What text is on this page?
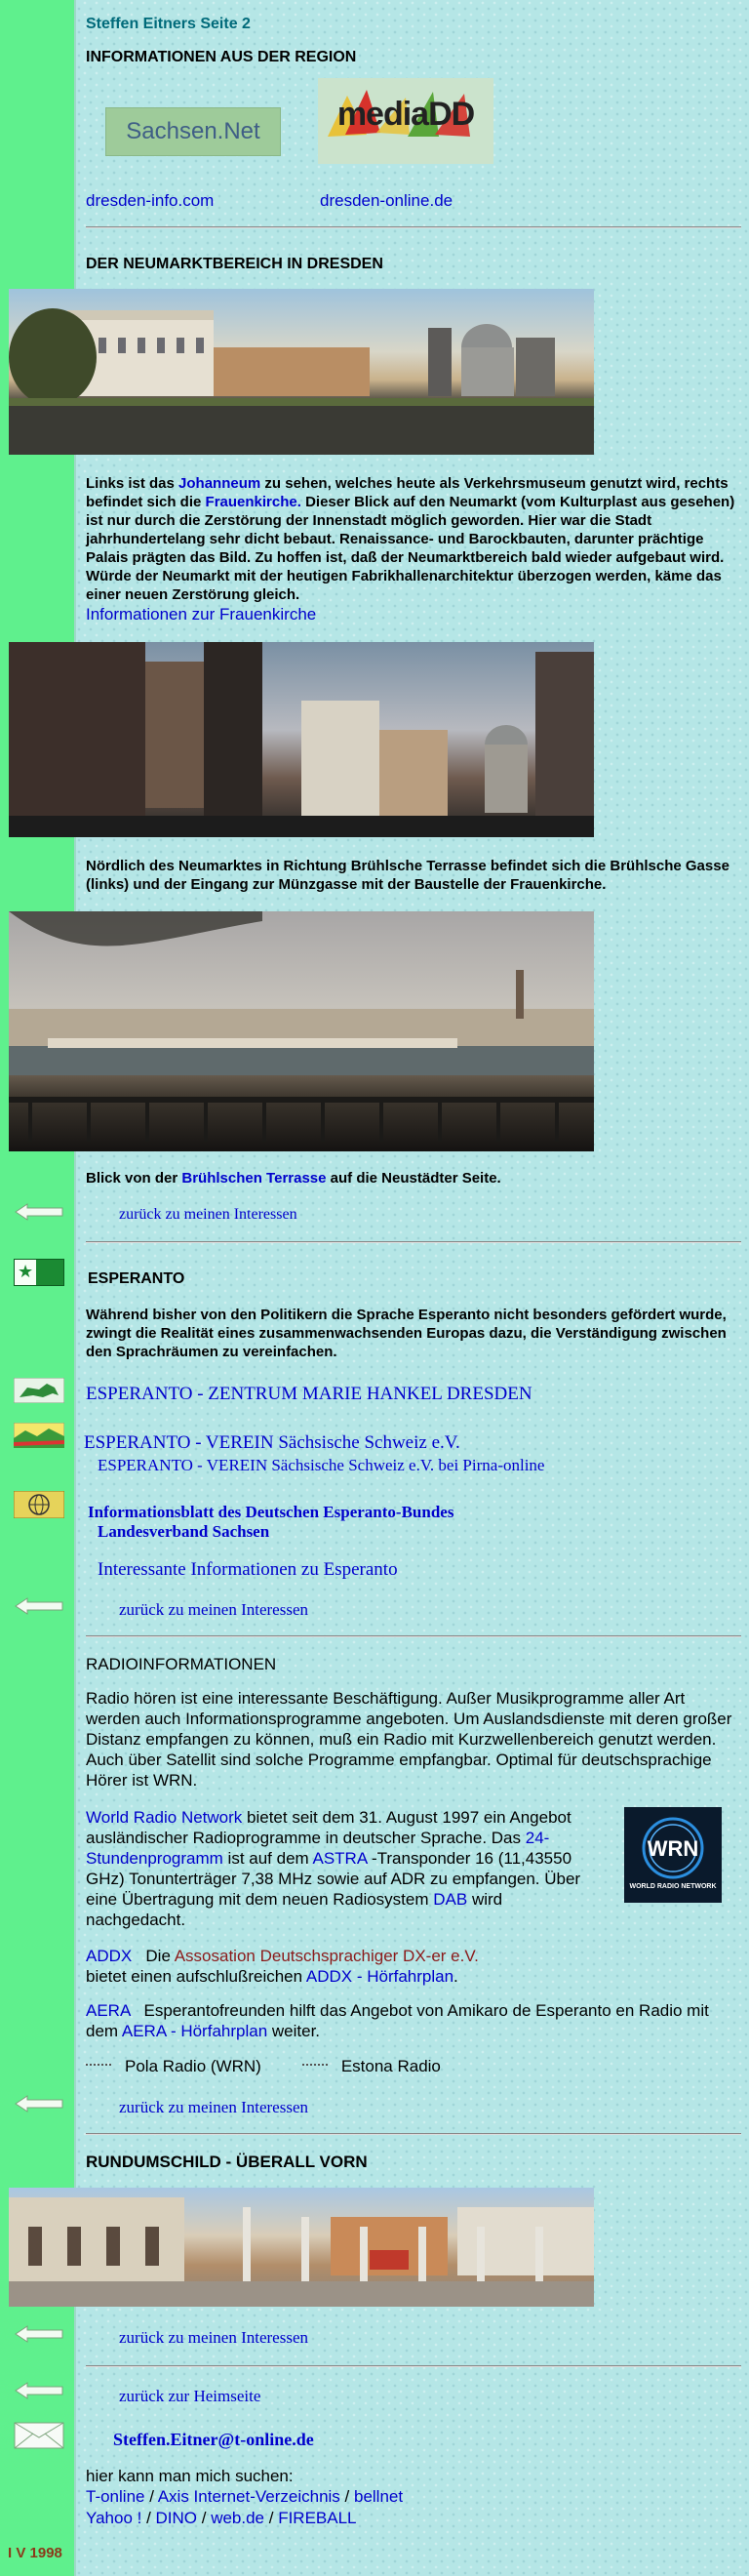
Steffen Eitners Seite 2
INFORMATIONEN AUS DER REGION
Sachsen.Net	mediaDD
dresden-info.com	dresden-online.de
DER NEUMARKTBEREICH IN DRESDEN
Links ist das Johanneum zu sehen, welches heute als Verkehrsmuseum genutzt wird, rechts befindet sich die Frauenkirche. Dieser Blick auf den Neumarkt (vom Kulturplast aus gesehen) ist nur durch die Zerstörung der Innenstadt möglich geworden. Hier war die Stadt jahrhundertelang sehr dicht bebaut. Renaissance- und Barockbauten, darunter prächtige Palais prägten das Bild. Zu hoffen ist, daß der Neumarktbereich bald wieder aufgebaut wird. Würde der Neumarkt mit der heutigen Fabrikhallenarchitektur überzogen werden, käme das einer neuen Zerstörung gleich.
Informationen zur Frauenkirche
Nördlich des Neumarktes in Richtung Brühlsche Terrasse befindet sich die Brühlsche Gasse (links) und der Eingang zur Münzgasse mit der Baustelle der Frauenkirche.
Blick von der Brühlschen Terrasse auf die Neustädter Seite.
zurück zu meinen Interessen
★	ESPERANTO
Während bisher von den Politikern die Sprache Esperanto nicht besonders gefördert wurde, zwingt die Realität eines zusammenwachsenden Europas dazu, die Verständigung zwischen den Sprachräumen zu vereinfachen.
ESPERANTO - ZENTRUM MARIE HANKEL DRESDEN
ESPERANTO - VEREIN Sächsische Schweiz e.V.
ESPERANTO - VEREIN Sächsische Schweiz e.V. bei Pirna-online
Informationsblatt des Deutschen Esperanto-Bundes
Landesverband Sachsen
Interessante Informationen zu Esperanto
zurück zu meinen Interessen
RADIOINFORMATIONEN
Radio hören ist eine interessante Beschäftigung. Außer Musikprogramme aller Art werden auch Informationsprogramme angeboten. Um Auslandsdienste mit deren großer Distanz empfangen zu können, muß ein Radio mit Kurzwellenbereich genutzt werden. Auch über Satellit sind solche Programme empfangbar. Optimal für deutschsprachige Hörer ist WRN.
World Radio Network bietet seit dem 31. August 1997 ein Angebot ausländischer Radioprogramme in deutscher Sprache. Das 24-Stundenprogramm ist auf dem ASTRA -Transponder 16 (11,43550 GHz) Tonunterträger 7,38 MHz sowie auf ADR zu empfangen. Über eine Übertragung mit dem neuen Radiosystem DAB wird nachgedacht.
WRN
WORLD RADIO NETWORK
ADDX   Die Assosation Deutschsprachiger DX-er e.V.
bietet einen aufschlußreichen ADDX - Hörfahrplan.
AERA   Esperantofreunden hilft das Angebot von Amikaro de Esperanto en Radio mit dem AERA - Hörfahrplan weiter.
Pola Radio (WRN)	Estona Radio
zurück zu meinen Interessen
RUNDUMSCHILD - ÜBERALL VORN
zurück zu meinen Interessen
zurück zur Heimseite
Steffen.Eitner@t-online.de
hier kann man mich suchen:
T-online / Axis Internet-Verzeichnis / bellnet
Yahoo ! / DINO / web.de / FIREBALL
I V 1998
